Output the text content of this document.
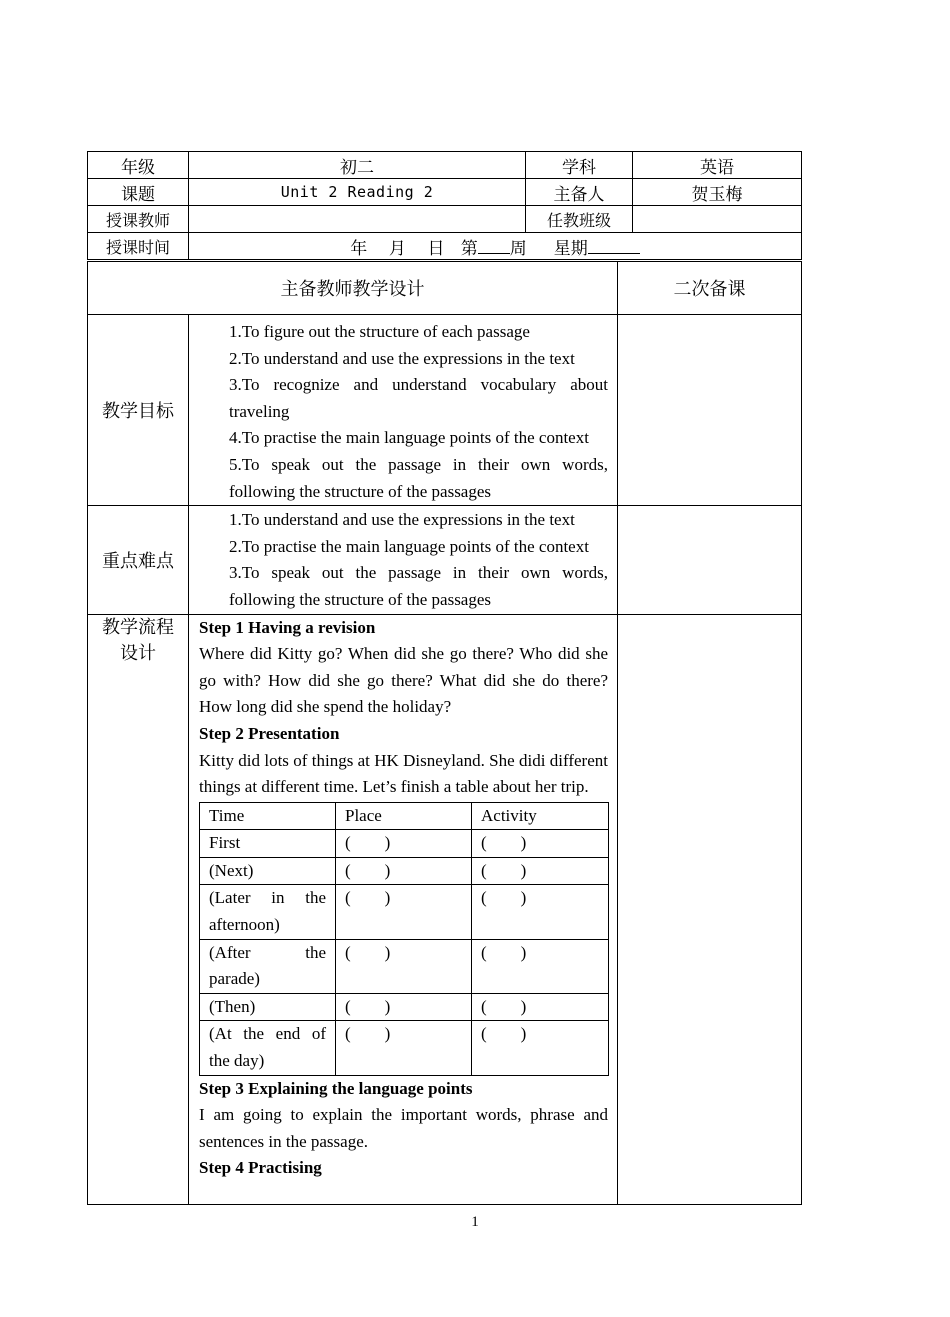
年级	初二	学科	英语
课题	Unit 2 Reading 2	主备人	贺玉梅
授课教师		任教班级	
授课时间	年 月 日 第 周 星期		
主备教师教学设计	二次备课
教学目标	

1.To figure out the structure of each passage

2.To understand and use the expressions in the text

3.To recognize and understand vocabulary about traveling

4.To practise the main language points of the context

5.To speak out the passage in their own words, following the structure of the passages

重点难点	

1.To understand and use the expressions in the text

2.To practise the main language points of the context

3.To speak out the passage in their own words, following the structure of the passages

教学流程
设计

Step 1 Having a revision

Where did Kitty go? When did she go there? Who did she go with? How did she go there? What did she do there? How long did she spend the holiday?

Step 2 Presentation

Kitty did lots of things at HK Disneyland. She didi different things at different time. Let’s finish a table about her trip.

Time	Place	Activity
First	(        )	(        )
(Next)	(        )	(        )
(Later in the afternoon)	(        )	(        )
(After the parade)	(        )	(        )
(Then)	(        )	(        )
(At the end of the day)	(        )	(        )

Step 3 Explaining the language points

I am going to explain the important words, phrase and sentences in the passage.

Step 4 Practising

1
